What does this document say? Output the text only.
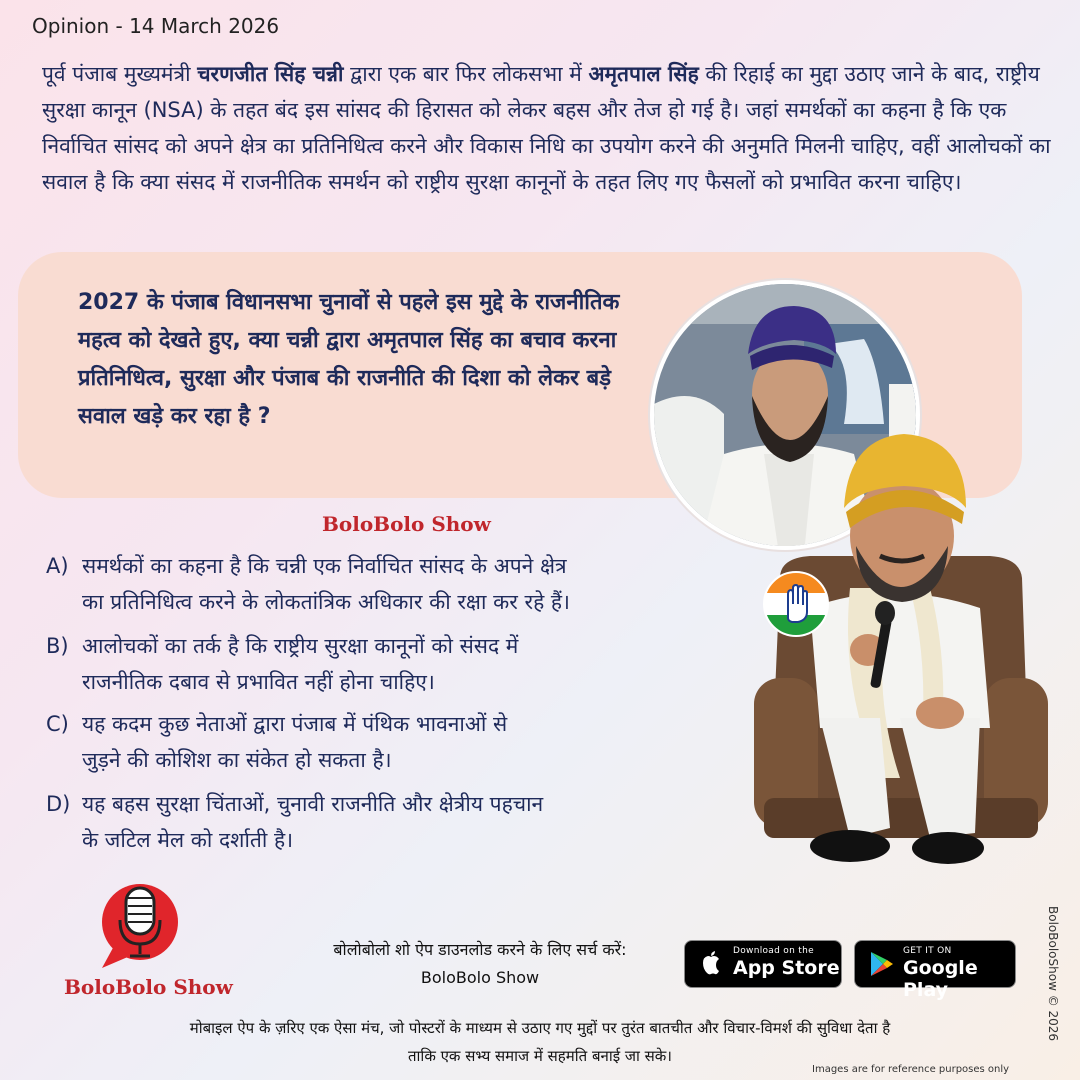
Opinion - 14 March 2026
पूर्व पंजाब मुख्यमंत्री चरणजीत सिंह चन्नी द्वारा एक बार फिर लोकसभा में अमृतपाल सिंह की रिहाई का मुद्दा उठाए जाने के बाद, राष्ट्रीय सुरक्षा कानून (NSA) के तहत बंद इस सांसद की हिरासत को लेकर बहस और तेज हो गई है। जहां समर्थकों का कहना है कि एक निर्वाचित सांसद को अपने क्षेत्र का प्रतिनिधित्व करने और विकास निधि का उपयोग करने की अनुमति मिलनी चाहिए, वहीं आलोचकों का सवाल है कि क्या संसद में राजनीतिक समर्थन को राष्ट्रीय सुरक्षा कानूनों के तहत लिए गए फैसलों को प्रभावित करना चाहिए।
2027 के पंजाब विधानसभा चुनावों से पहले इस मुद्दे के राजनीतिक महत्व को देखते हुए, क्या चन्नी द्वारा अमृतपाल सिंह का बचाव करना प्रतिनिधित्व, सुरक्षा और पंजाब की राजनीति की दिशा को लेकर बड़े सवाल खड़े कर रहा है ?
BoloBolo Show
A) समर्थकों का कहना है कि चन्नी एक निर्वाचित सांसद के अपने क्षेत्र
का प्रतिनिधित्व करने के लोकतांत्रिक अधिकार की रक्षा कर रहे हैं।
B) आलोचकों का तर्क है कि राष्ट्रीय सुरक्षा कानूनों को संसद में
राजनीतिक दबाव से प्रभावित नहीं होना चाहिए।
C) यह कदम कुछ नेताओं द्वारा पंजाब में पंथिक भावनाओं से
जुड़ने की कोशिश का संकेत हो सकता है।
D) यह बहस सुरक्षा चिंताओं, चुनावी राजनीति और क्षेत्रीय पहचान
के जटिल मेल को दर्शाती है।
BoloBolo Show
बोलोबोलो शो ऐप डाउनलोड करने के लिए सर्च करें:
BoloBolo Show
Download on the
App Store
GET IT ON
Google Play
मोबाइल ऐप के ज़रिए एक ऐसा मंच, जो पोस्टरों के माध्यम से उठाए गए मुद्दों पर तुरंत बातचीत और विचार-विमर्श की सुविधा देता है
ताकि एक सभ्य समाज में सहमति बनाई जा सके।
Images are for reference purposes only
BoloBoloShow © 2026
